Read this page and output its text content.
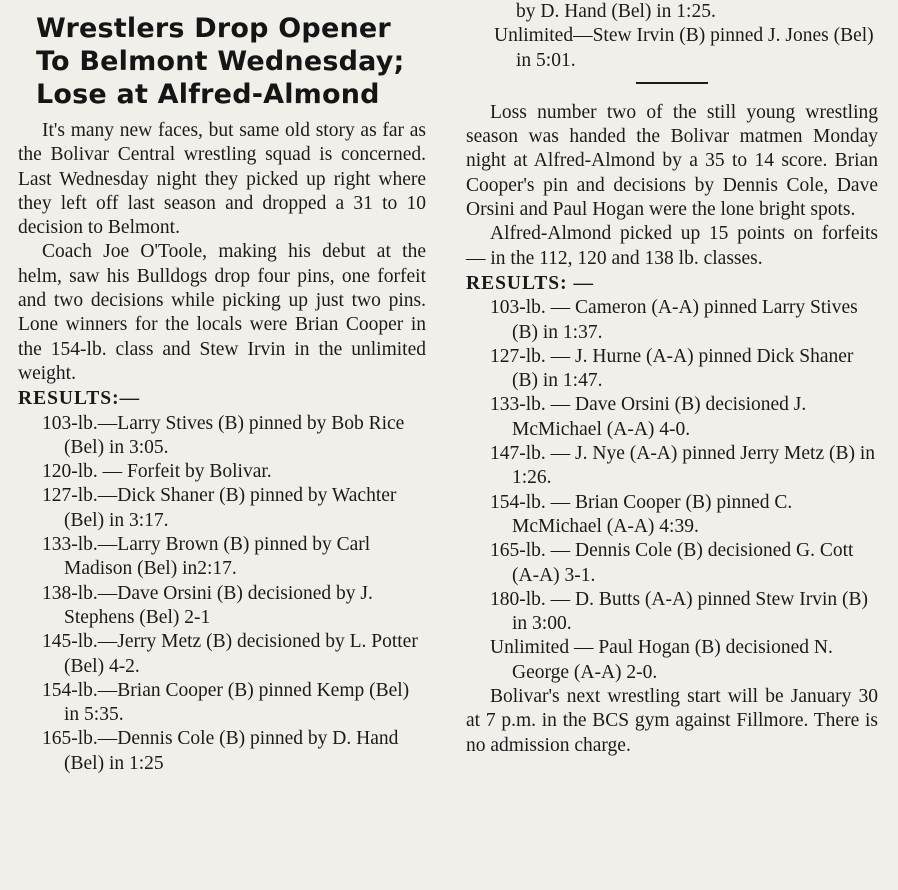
Wrestlers Drop Opener
To Belmont Wednesday;
Lose at Alfred-Almond

It's many new faces, but same old story as far as the Bolivar Central wrestling squad is concerned. Last Wednesday night they picked up right where they left off last season and dropped a 31 to 10 decision to Belmont.

Coach Joe O'Toole, making his debut at the helm, saw his Bulldogs drop four pins, one forfeit and two decisions while picking up just two pins. Lone winners for the locals were Brian Cooper in the 154-lb. class and Stew Irvin in the unlimited weight.

RESULTS:—

103-lb.—Larry Stives (B) pinned by Bob Rice (Bel) in 3:05.

120-lb. — Forfeit by Bolivar.

127-lb.—Dick Shaner (B) pinned by Wachter (Bel) in 3:17.

133-lb.—Larry Brown (B) pinned by Carl Madison (Bel) in2:17.

138-lb.—Dave Orsini (B) decisioned by J. Stephens (Bel) 2-1

145-lb.—Jerry Metz (B) decisioned by L. Potter (Bel) 4-2.

154-lb.—Brian Cooper (B) pinned Kemp (Bel) in 5:35.

165-lb.—Dennis Cole (B) pinned by D. Hand (Bel) in 1:25

by D. Hand (Bel) in 1:25.

Unlimited—Stew Irvin (B) pinned J. Jones (Bel) in 5:01.

Loss number two of the still young wrestling season was handed the Bolivar matmen Monday night at Alfred-Almond by a 35 to 14 score. Brian Cooper's pin and decisions by Dennis Cole, Dave Orsini and Paul Hogan were the lone bright spots.

Alfred-Almond picked up 15 points on forfeits — in the 112, 120 and 138 lb. classes.

RESULTS: —

103-lb. — Cameron (A-A) pinned Larry Stives (B) in 1:37.

127-lb. — J. Hurne (A-A) pinned Dick Shaner (B) in 1:47.

133-lb. — Dave Orsini (B) decisioned J. McMichael (A-A) 4-0.

147-lb. — J. Nye (A-A) pinned Jerry Metz (B) in 1:26.

154-lb. — Brian Cooper (B) pinned C. McMichael (A-A) 4:39.

165-lb. — Dennis Cole (B) decisioned G. Cott (A-A) 3-1.

180-lb. — D. Butts (A-A) pinned Stew Irvin (B) in 3:00.

Unlimited — Paul Hogan (B) decisioned N. George (A-A) 2-0.

Bolivar's next wrestling start will be January 30 at 7 p.m. in the BCS gym against Fillmore. There is no admission charge.
